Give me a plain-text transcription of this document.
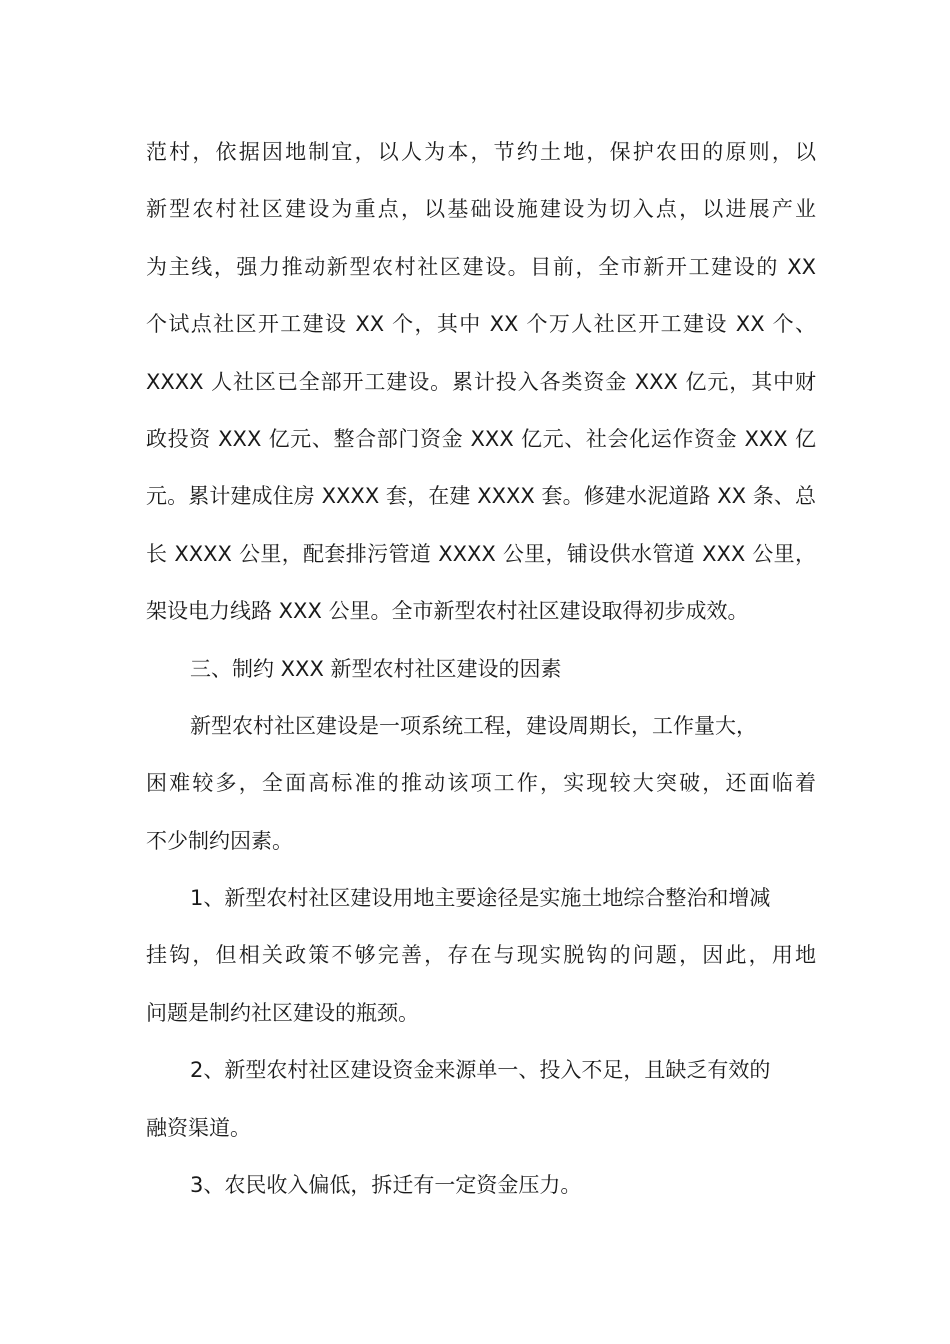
范村，依据因地制宜，以人为本，节约土地，保护农田的原则，以
新型农村社区建设为重点，以基础设施建设为切入点，以进展产业
为主线，强力推动新型农村社区建设。目前，全市新开工建设的 XX
个试点社区开工建设 XX 个，其中 XX 个万人社区开工建设 XX 个、
XXXX 人社区已全部开工建设。累计投入各类资金 XXX 亿元，其中财
政投资 XXX 亿元、整合部门资金 XXX 亿元、社会化运作资金 XXX 亿
元。累计建成住房 XXXX 套，在建 XXXX 套。修建水泥道路 XX 条、总
长 XXXX 公里，配套排污管道 XXXX 公里，铺设供水管道 XXX 公里，
架设电力线路 XXX 公里。全市新型农村社区建设取得初步成效。
三、制约 XXX 新型农村社区建设的因素
新型农村社区建设是一项系统工程，建设周期长，工作量大，
困难较多，全面高标准的推动该项工作，实现较大突破，还面临着
不少制约因素。
1、新型农村社区建设用地主要途径是实施土地综合整治和增减
挂钩，但相关政策不够完善，存在与现实脱钩的问题，因此，用地
问题是制约社区建设的瓶颈。
2、新型农村社区建设资金来源单一、投入不足，且缺乏有效的
融资渠道。
3、农民收入偏低，拆迁有一定资金压力。
